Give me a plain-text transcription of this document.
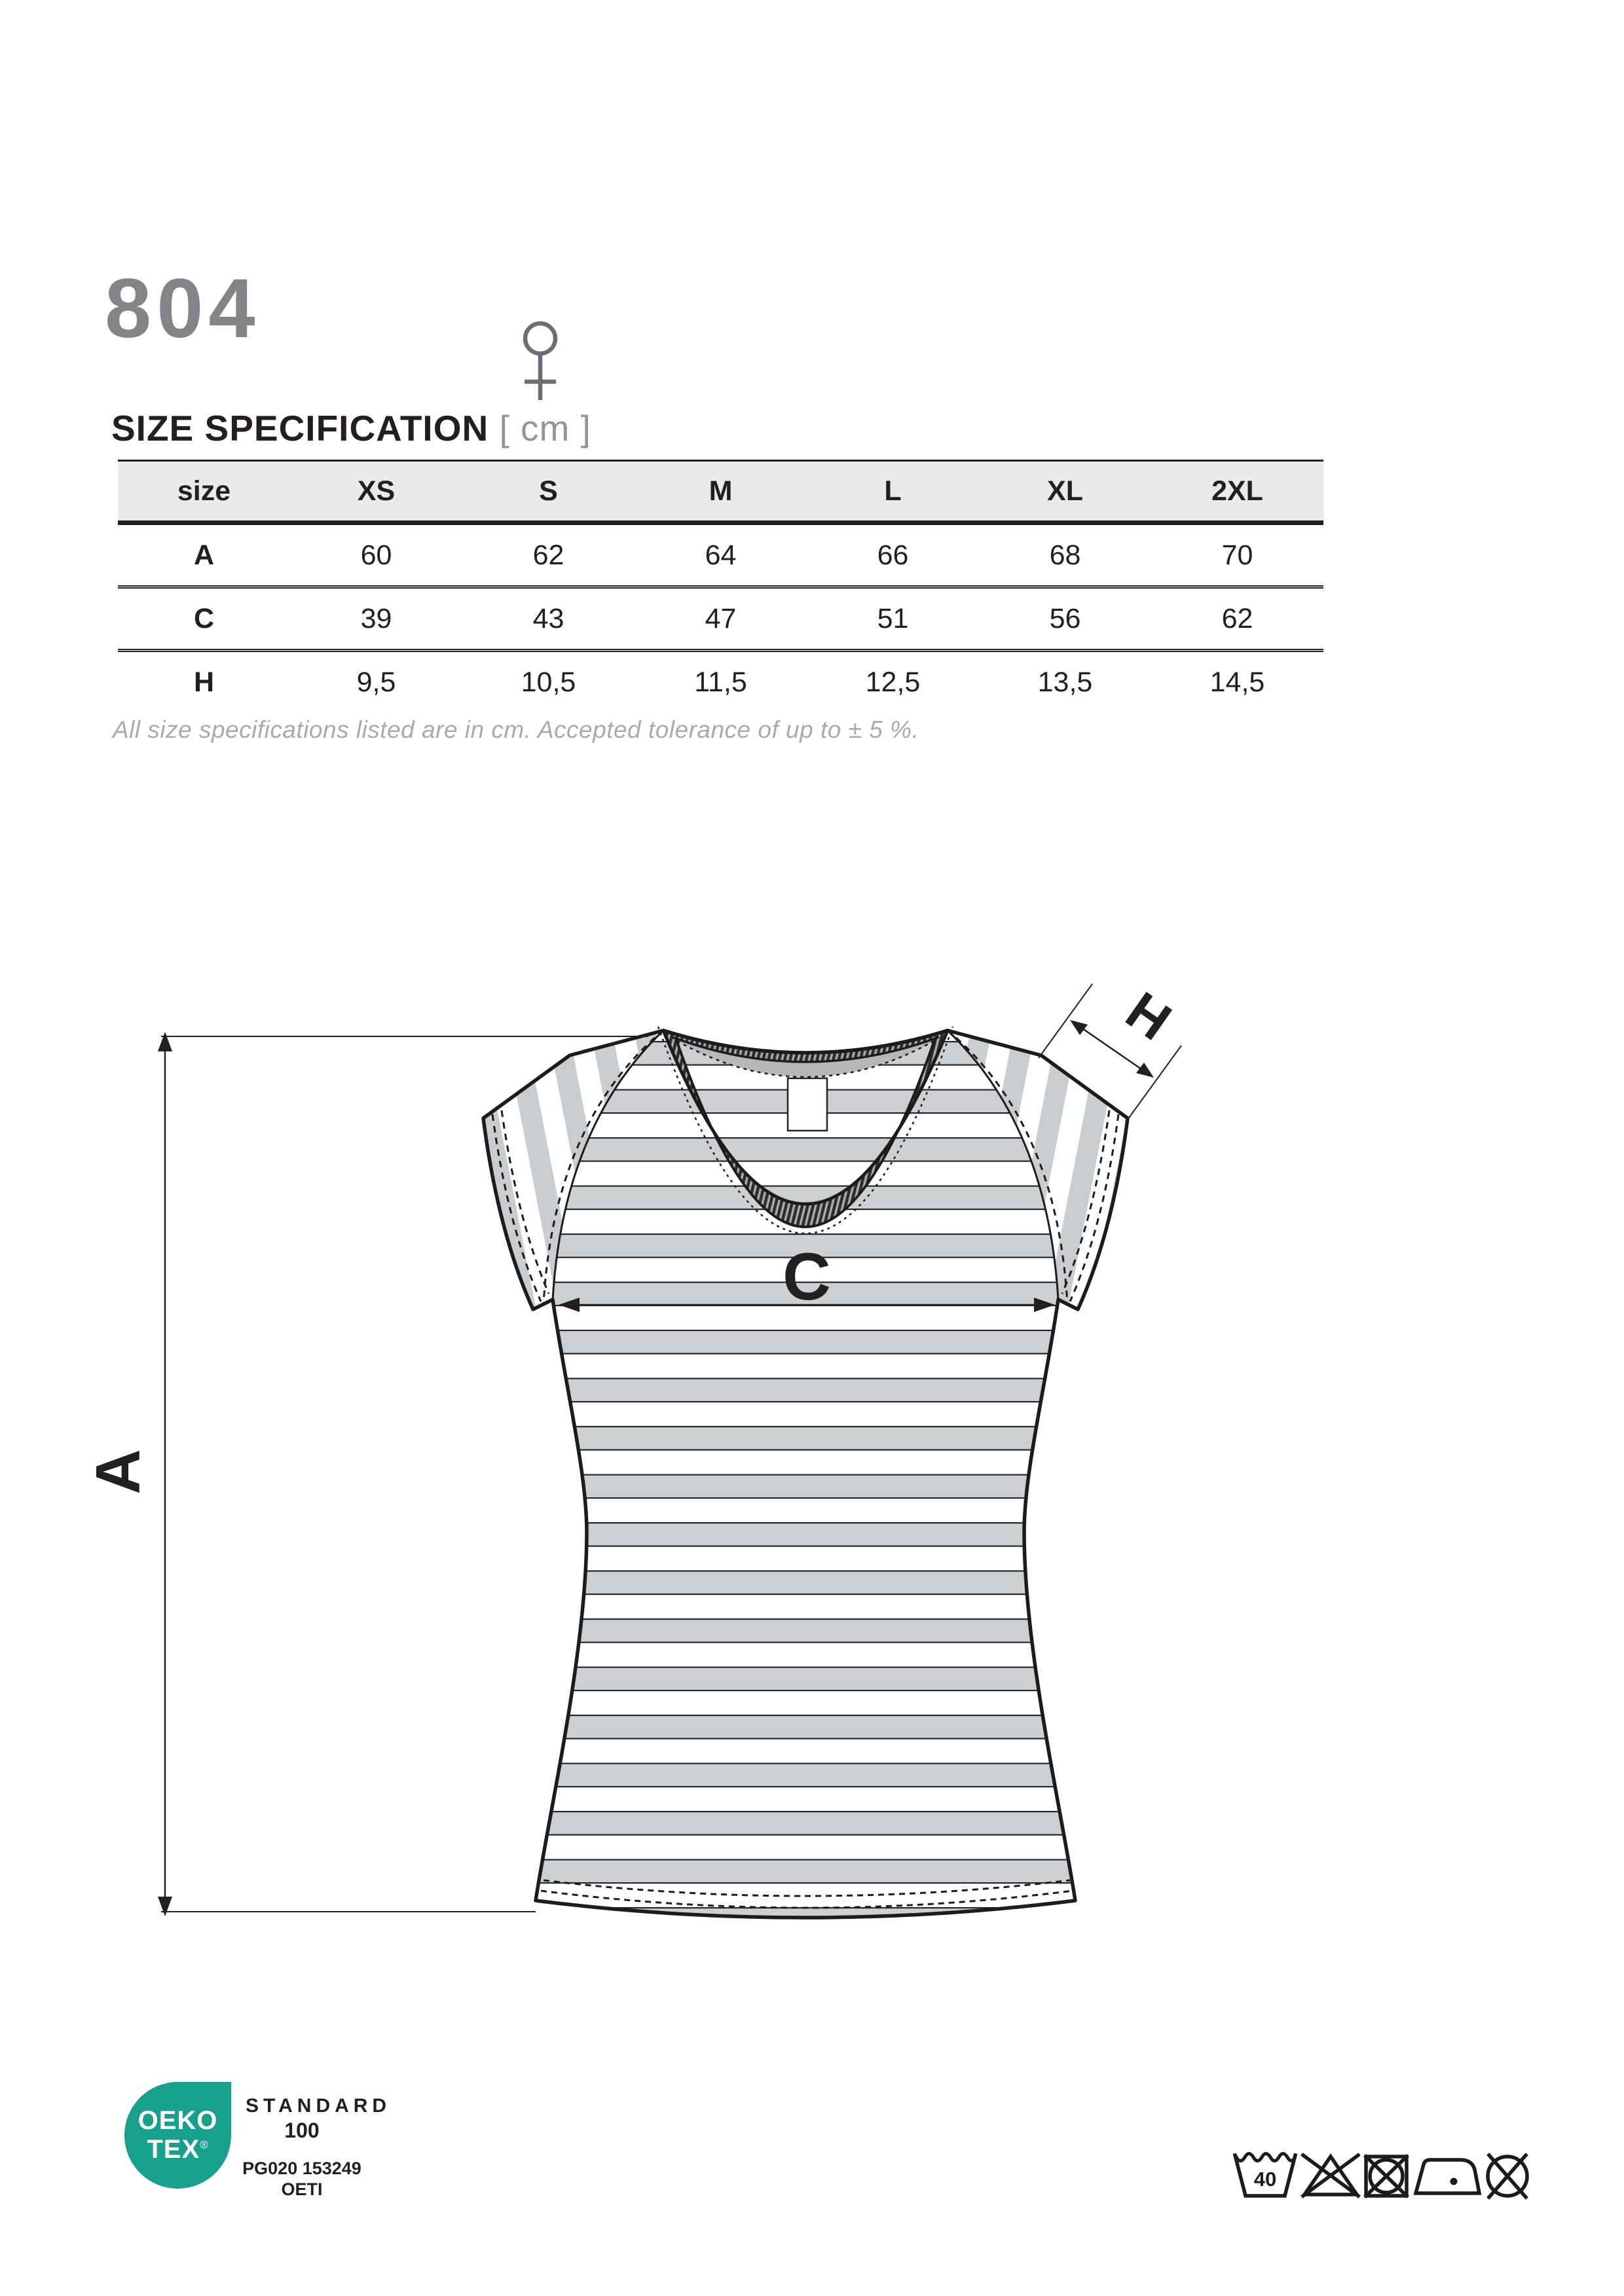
804
SIZE SPECIFICATION [ cm ]
size	XS	S	M	L	XL	2XL
A	60	62	64	66	68	70
C	39	43	47	51	56	62
H	9,5	10,5	11,5	12,5	13,5	14,5
All size specifications listed are in cm. Accepted tolerance of up to ± 5 %.
A
C
H
OEKO
TEX®
STANDARD
100
PG020 153249
OETI	40
